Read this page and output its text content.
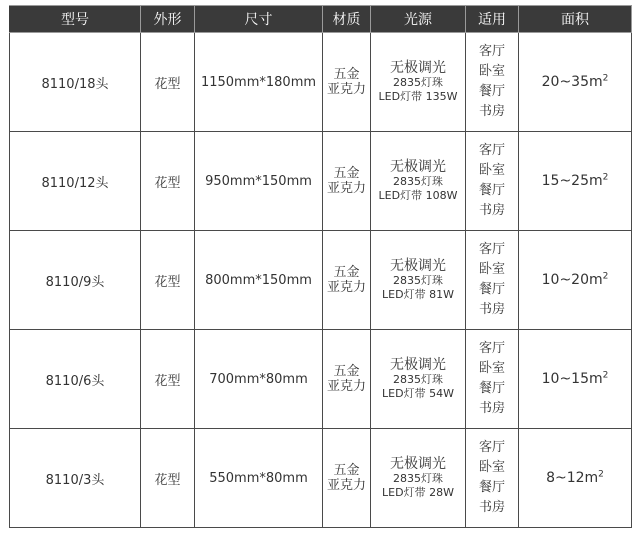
型号	外形	尺寸	材质	光源	适用	面积
8110/18头	花型	1150mm*180mm	五金
亚克力	无极调光
2835灯珠
LED灯带 135W	客厅
卧室
餐厅
书房	$20\sim 35m^2$
8110/12头	花型	950mm*150mm	五金
亚克力	无极调光
2835灯珠
LED灯带 108W	客厅
卧室
餐厅
书房	$15\sim 25m^2$
8110/9头	花型	800mm*150mm	五金
亚克力	无极调光
2835灯珠
LED灯带 81W	客厅
卧室
餐厅
书房	$10\sim 20m^2$
8110/6头	花型	700mm*80mm	五金
亚克力	无极调光
2835灯珠
LED灯带 54W	客厅
卧室
餐厅
书房	$10\sim 15m^2$
8110/3头	花型	550mm*80mm	五金
亚克力	无极调光
2835灯珠
LED灯带 28W	客厅
卧室
餐厅
书房	$8\sim 12m^2$
